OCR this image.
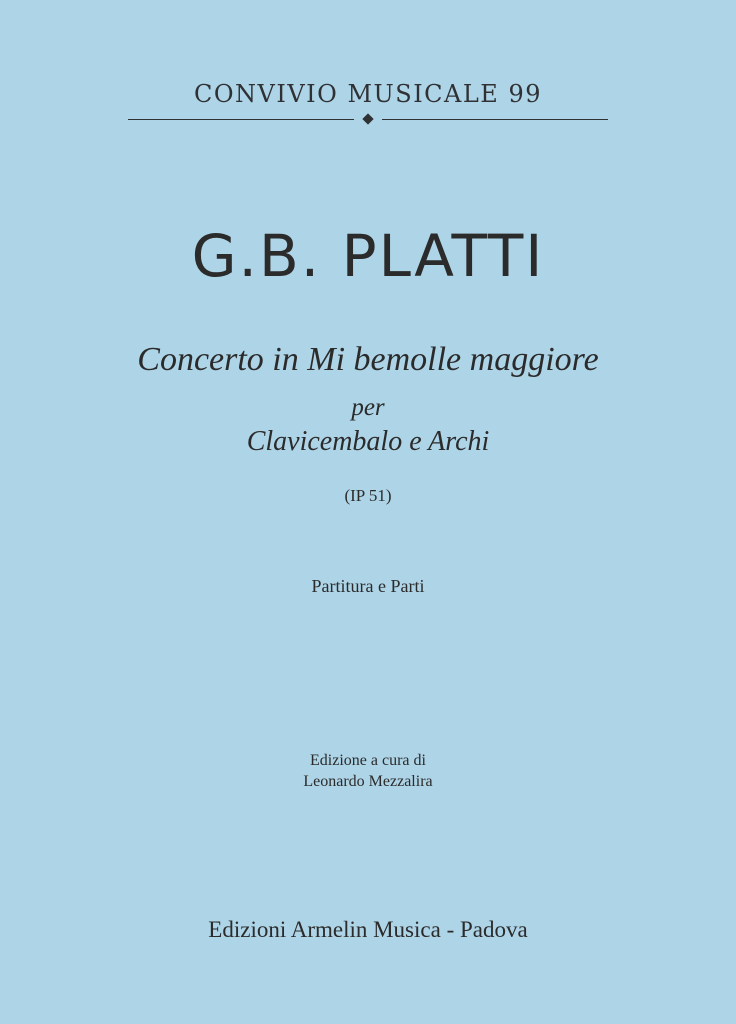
CONVIVIO MUSICALE 99
G.B. PLATTI
Concerto in Mi bemolle maggiore
per
Clavicembalo e Archi
(IP 51)
Partitura e Parti
Edizione a cura di
Leonardo Mezzalira
Edizioni Armelin Musica - Padova
